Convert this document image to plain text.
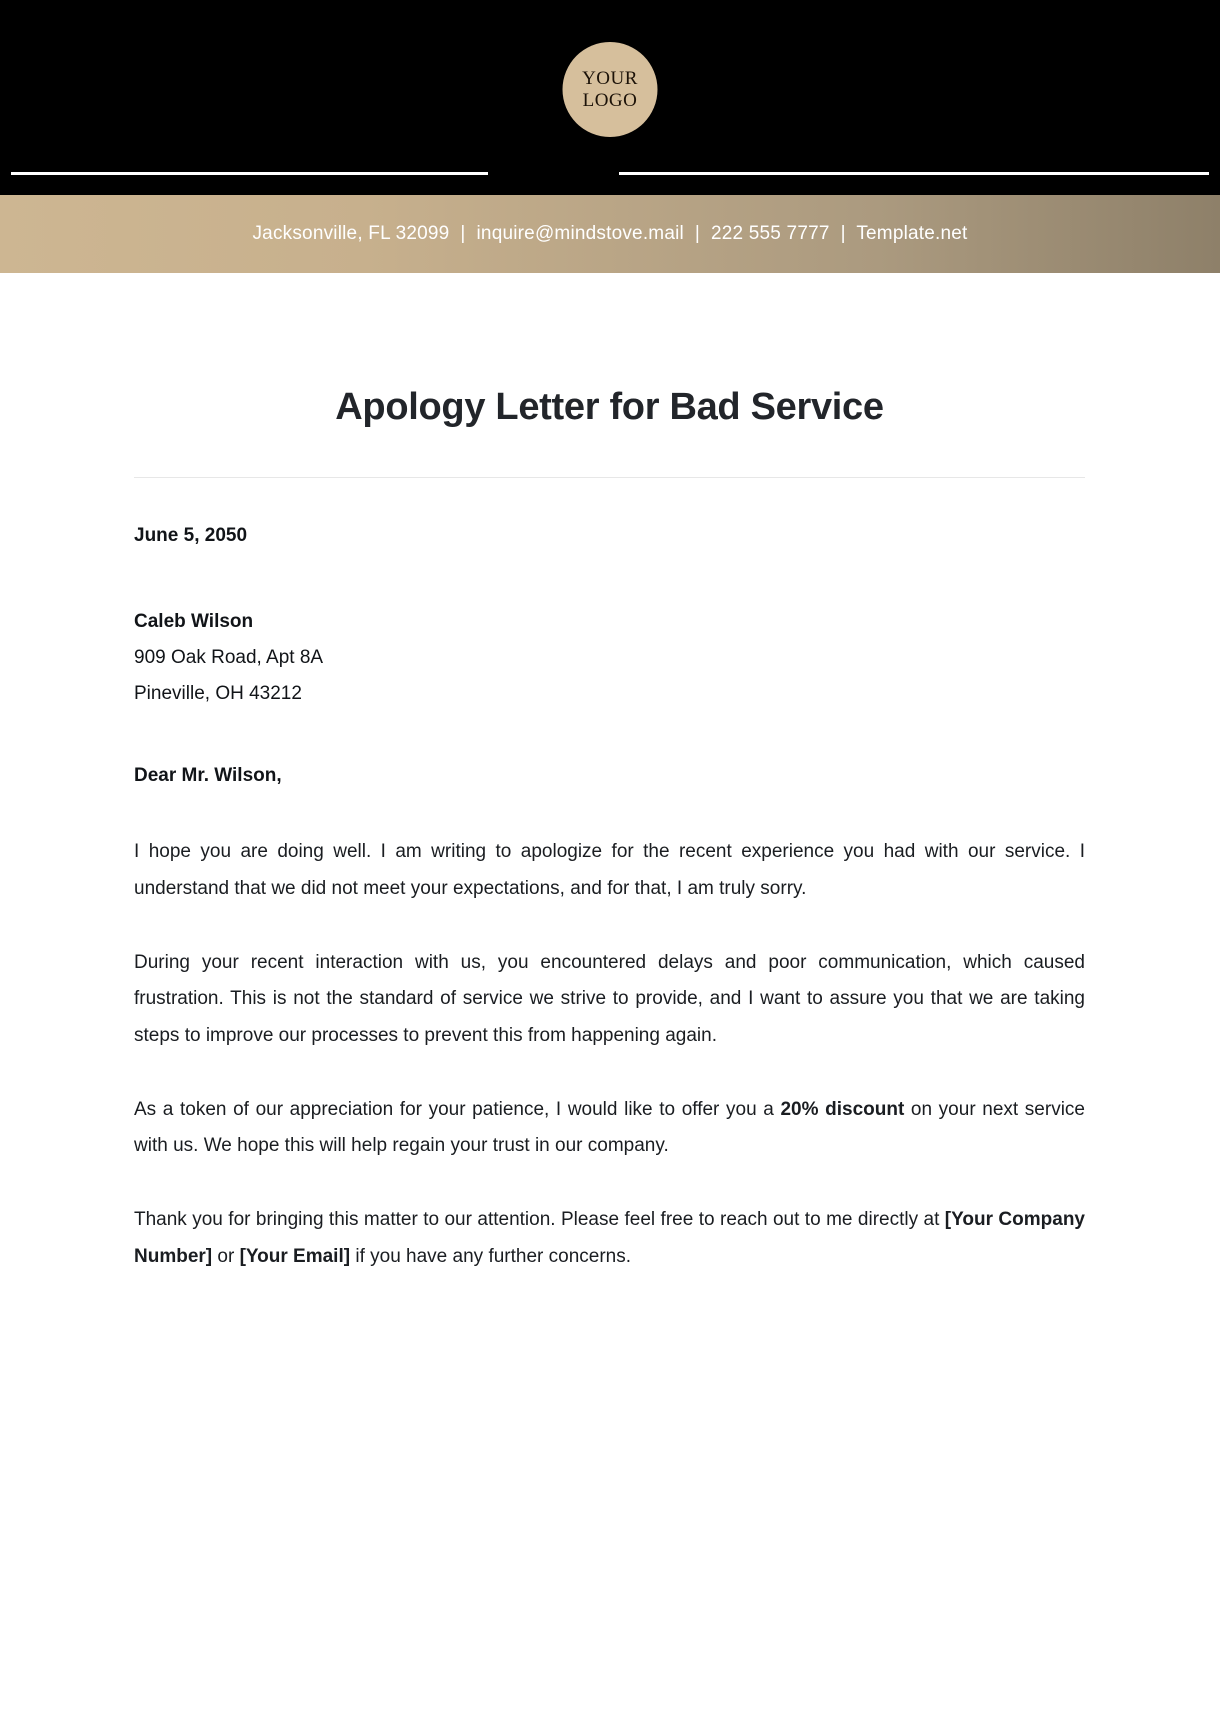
YOUR
LOGO
Jacksonville, FL 32099  |  inquire@mindstove.mail  |  222 555 7777  |  Template.net
Apology Letter for Bad Service
June 5, 2050
Caleb Wilson
909 Oak Road, Apt 8A
Pineville, OH 43212
Dear Mr. Wilson,

I hope you are doing well. I am writing to apologize for the recent experience you had with our service. I understand that we did not meet your expectations, and for that, I am truly sorry.

During your recent interaction with us, you encountered delays and poor communication, which caused frustration. This is not the standard of service we strive to provide, and I want to assure you that we are taking steps to improve our processes to prevent this from happening again.

As a token of our appreciation for your patience, I would like to offer you a 20% discount on your next service with us. We hope this will help regain your trust in our company.

Thank you for bringing this matter to our attention. Please feel free to reach out to me directly at [Your Company Number] or [Your Email] if you have any further concerns.
